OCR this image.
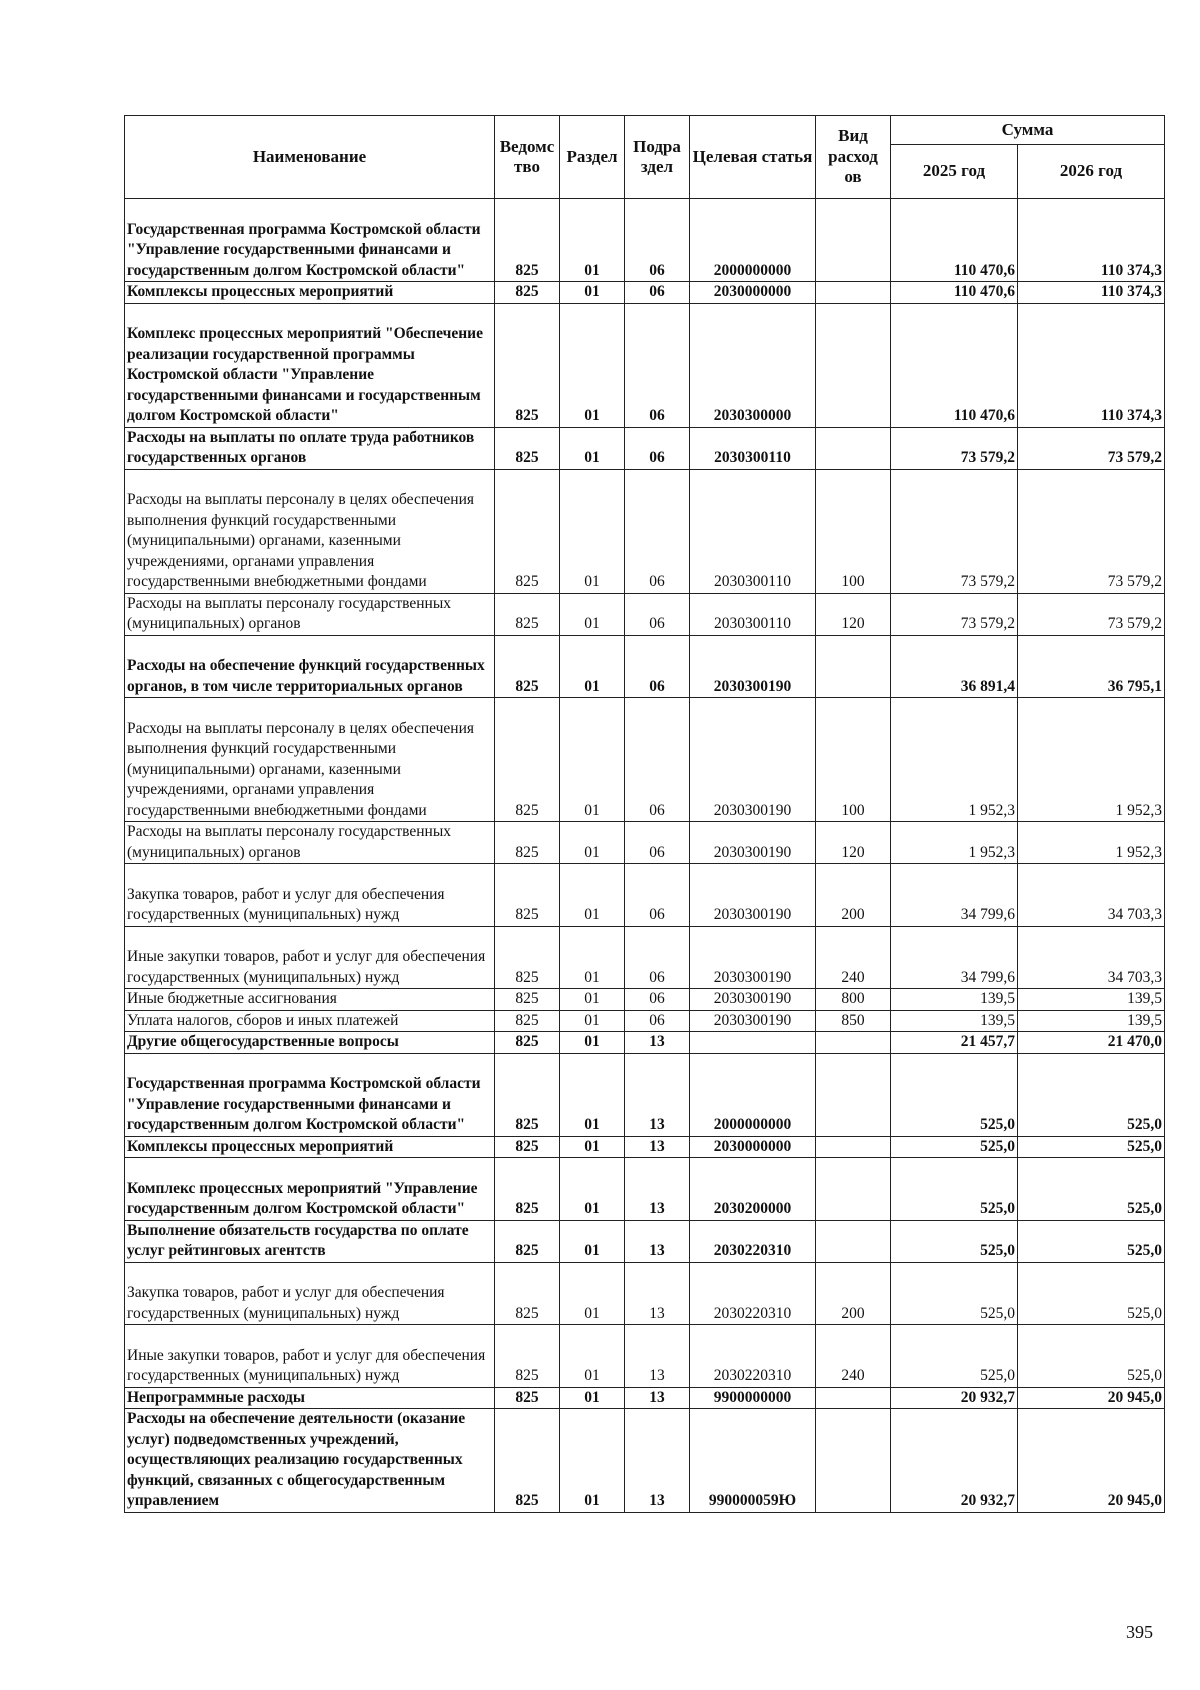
Наименование	Ведомс тво	Раздел	Подра здел	Целевая статья	Вид расход ов	Сумма	
						2025 год	2026 год
Государственная программа Костромской области "Управление государственными финансами и государственным долгом Костромской области"	825	01	06	2000000000		110 470,6	110 374,3
Комплексы процессных мероприятий	825	01	06	2030000000		110 470,6	110 374,3
Комплекс процессных мероприятий "Обеспечение реализации государственной программы Костромской области "Управление государственными финансами и государственным долгом Костромской области"	825	01	06	2030300000		110 470,6	110 374,3
Расходы на выплаты по оплате труда работников государственных органов	825	01	06	2030300110		73 579,2	73 579,2
Расходы на выплаты персоналу в целях обеспечения выполнения функций государственными (муниципальными) органами, казенными учреждениями, органами управления государственными внебюджетными фондами	825	01	06	2030300110	100	73 579,2	73 579,2
Расходы на выплаты персоналу государственных (муниципальных) органов	825	01	06	2030300110	120	73 579,2	73 579,2
Расходы на обеспечение функций государственных органов, в том числе территориальных органов	825	01	06	2030300190		36 891,4	36 795,1
Расходы на выплаты персоналу в целях обеспечения выполнения функций государственными (муниципальными) органами, казенными учреждениями, органами управления государственными внебюджетными фондами	825	01	06	2030300190	100	1 952,3	1 952,3
Расходы на выплаты персоналу государственных (муниципальных) органов	825	01	06	2030300190	120	1 952,3	1 952,3
Закупка товаров, работ и услуг для обеспечения государственных (муниципальных) нужд	825	01	06	2030300190	200	34 799,6	34 703,3
Иные закупки товаров, работ и услуг для обеспечения государственных (муниципальных) нужд	825	01	06	2030300190	240	34 799,6	34 703,3
Иные бюджетные ассигнования	825	01	06	2030300190	800	139,5	139,5
Уплата налогов, сборов и иных платежей	825	01	06	2030300190	850	139,5	139,5
Другие общегосударственные вопросы	825	01	13			21 457,7	21 470,0
Государственная программа Костромской области "Управление государственными финансами и государственным долгом Костромской области"	825	01	13	2000000000		525,0	525,0
Комплексы процессных мероприятий	825	01	13	2030000000		525,0	525,0
Комплекс процессных мероприятий "Управление государственным долгом Костромской области"	825	01	13	2030200000		525,0	525,0
Выполнение обязательств государства по оплате услуг рейтинговых агентств	825	01	13	2030220310		525,0	525,0
Закупка товаров, работ и услуг для обеспечения государственных (муниципальных) нужд	825	01	13	2030220310	200	525,0	525,0
Иные закупки товаров, работ и услуг для обеспечения государственных (муниципальных) нужд	825	01	13	2030220310	240	525,0	525,0
Непрограммные расходы	825	01	13	9900000000		20 932,7	20 945,0
Расходы на обеспечение деятельности (оказание услуг) подведомственных учреждений, осуществляющих реализацию государственных функций, связанных с общегосударственным управлением	825	01	13	990000059Ю		20 932,7	20 945,0
395
